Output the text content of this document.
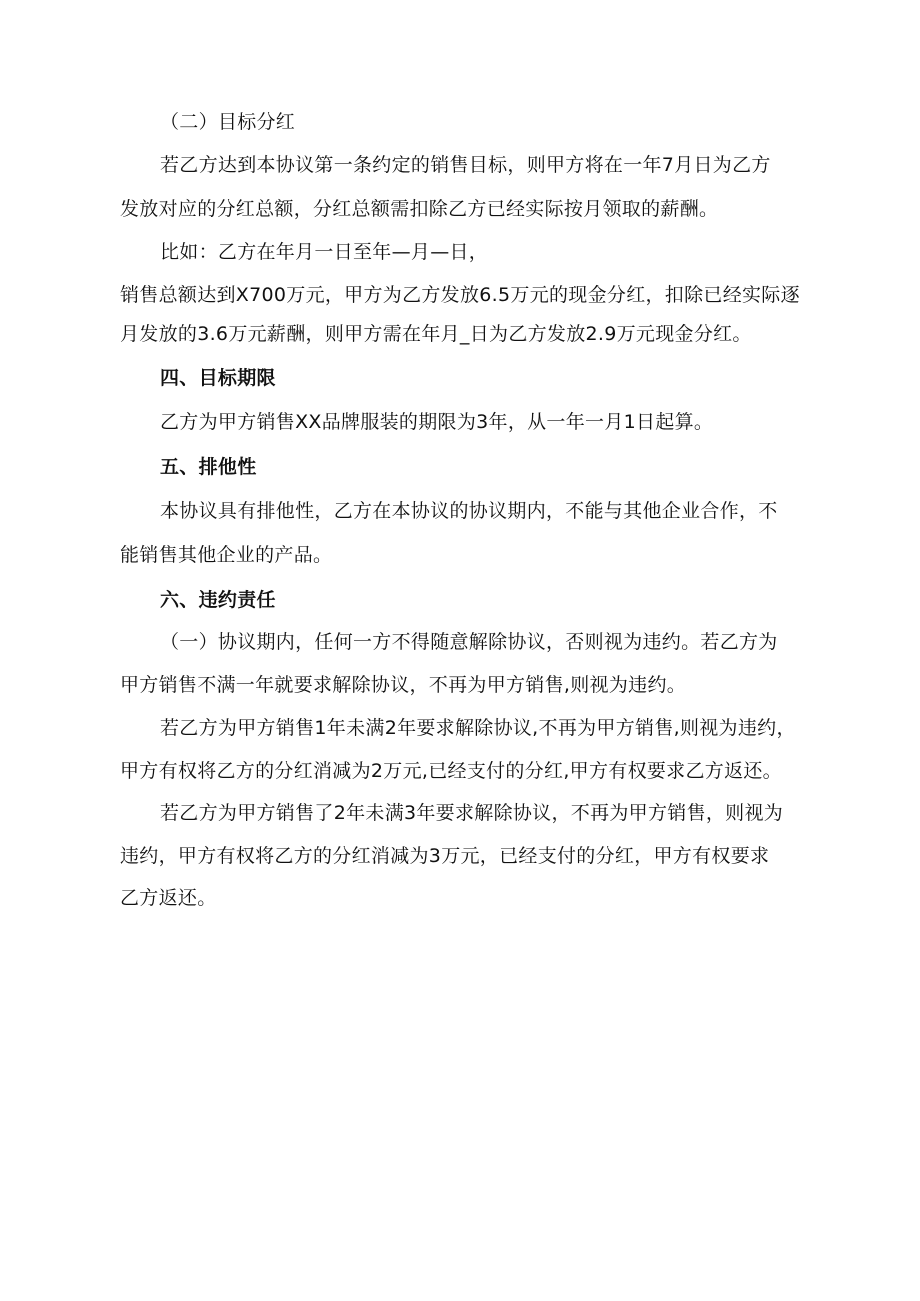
（二）目标分红
若乙方达到本协议第一条约定的销售目标，则甲方将在一年7月日为乙方
发放对应的分红总额，分红总额需扣除乙方已经实际按月领取的薪酬。
比如：乙方在年月一日至年—月—日，
销售总额达到X700万元，甲方为乙方发放6.5万元的现金分红，扣除已经实际逐
月发放的3.6万元薪酬，则甲方需在年月_日为乙方发放2.9万元现金分红。
四、目标期限
乙方为甲方销售XX品牌服装的期限为3年，从一年一月1日起算。
五、排他性
本协议具有排他性，乙方在本协议的协议期内，不能与其他企业合作，不
能销售其他企业的产品。
六、违约责任
（一）协议期内，任何一方不得随意解除协议，否则视为违约。若乙方为
甲方销售不满一年就要求解除协议，不再为甲方销售,则视为违约。
若乙方为甲方销售1年未满2年要求解除协议,不再为甲方销售,则视为违约，
甲方有权将乙方的分红消减为2万元,已经支付的分红,甲方有权要求乙方返还。
若乙方为甲方销售了2年未满3年要求解除协议，不再为甲方销售，则视为
违约，甲方有权将乙方的分红消减为3万元，已经支付的分红，甲方有权要求
乙方返还。
